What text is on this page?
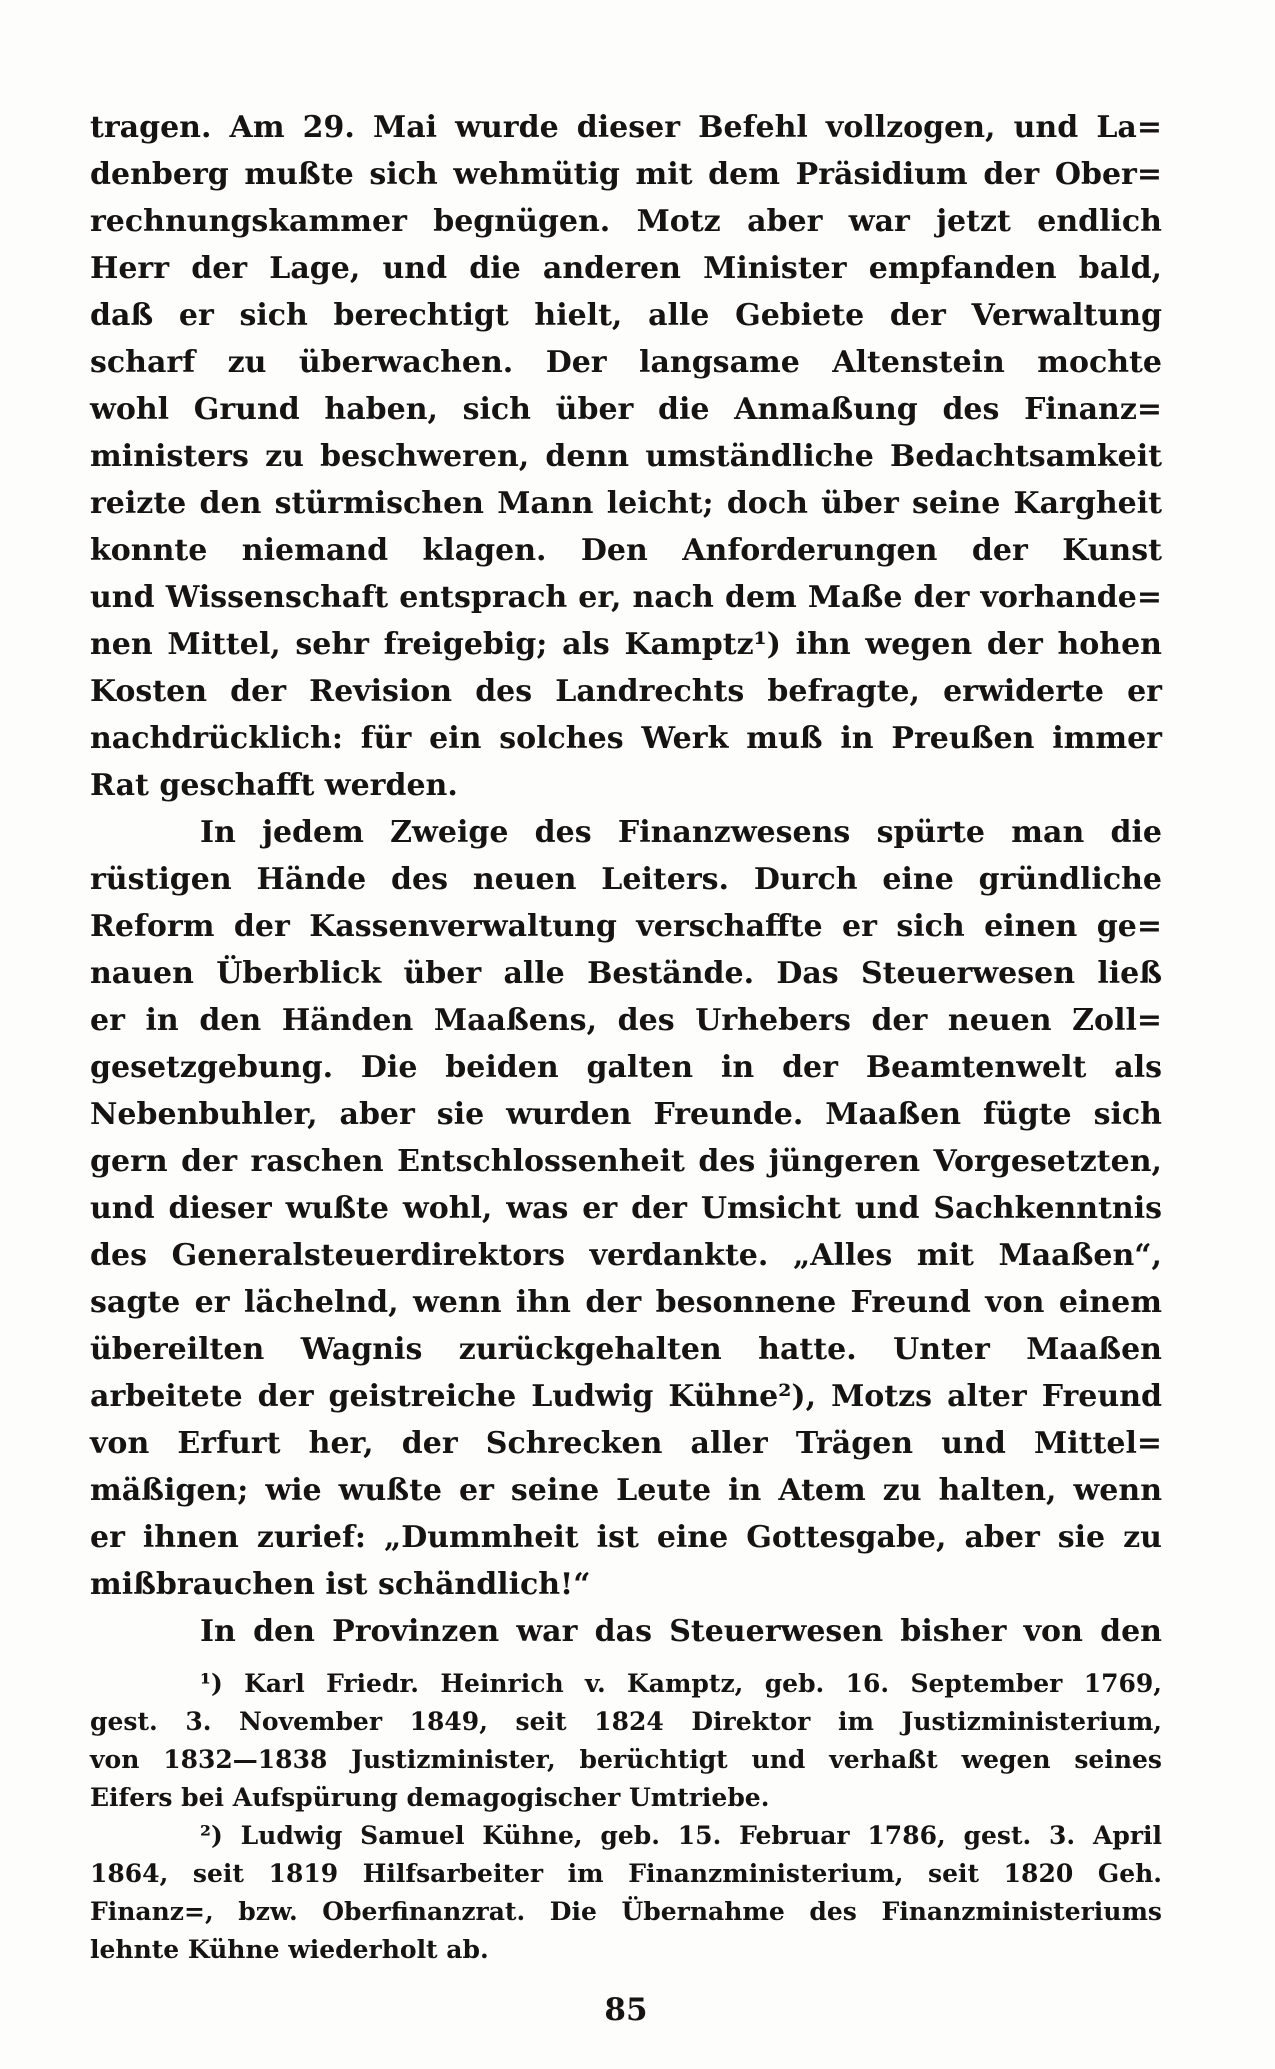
tragen. Am 29. Mai wurde dieser Befehl vollzogen, und La=
denberg mußte sich wehmütig mit dem Präsidium der Ober=
rechnungskammer begnügen. Motz aber war jetzt endlich
Herr der Lage, und die anderen Minister empfanden bald,
daß er sich berechtigt hielt, alle Gebiete der Verwaltung
scharf zu überwachen. Der langsame Altenstein mochte
wohl Grund haben, sich über die Anmaßung des Finanz=
ministers zu beschweren, denn umständliche Bedachtsamkeit
reizte den stürmischen Mann leicht; doch über seine Kargheit
konnte niemand klagen. Den Anforderungen der Kunst
und Wissenschaft entsprach er, nach dem Maße der vorhande=
nen Mittel, sehr freigebig; als Kamptz¹) ihn wegen der hohen
Kosten der Revision des Landrechts befragte, erwiderte er
nachdrücklich: für ein solches Werk muß in Preußen immer
Rat geschafft werden.
In jedem Zweige des Finanzwesens spürte man die
rüstigen Hände des neuen Leiters. Durch eine gründliche
Reform der Kassenverwaltung verschaffte er sich einen ge=
nauen Überblick über alle Bestände. Das Steuerwesen ließ
er in den Händen Maaßens, des Urhebers der neuen Zoll=
gesetzgebung. Die beiden galten in der Beamtenwelt als
Nebenbuhler, aber sie wurden Freunde. Maaßen fügte sich
gern der raschen Entschlossenheit des jüngeren Vorgesetzten,
und dieser wußte wohl, was er der Umsicht und Sachkenntnis
des Generalsteuerdirektors verdankte. „Alles mit Maaßen“,
sagte er lächelnd, wenn ihn der besonnene Freund von einem
übereilten Wagnis zurückgehalten hatte. Unter Maaßen
arbeitete der geistreiche Ludwig Kühne²), Motzs alter Freund
von Erfurt her, der Schrecken aller Trägen und Mittel=
mäßigen; wie wußte er seine Leute in Atem zu halten, wenn
er ihnen zurief: „Dummheit ist eine Gottesgabe, aber sie zu
mißbrauchen ist schändlich!“
In den Provinzen war das Steuerwesen bisher von den
¹) Karl Friedr. Heinrich v. Kamptz, geb. 16. September 1769,
gest. 3. November 1849, seit 1824 Direktor im Justizministerium,
von 1832—1838 Justizminister, berüchtigt und verhaßt wegen seines
Eifers bei Aufspürung demagogischer Umtriebe.
²) Ludwig Samuel Kühne, geb. 15. Februar 1786, gest. 3. April
1864, seit 1819 Hilfsarbeiter im Finanzministerium, seit 1820 Geh.
Finanz=, bzw. Oberfinanzrat. Die Übernahme des Finanzministeriums
lehnte Kühne wiederholt ab.
85
